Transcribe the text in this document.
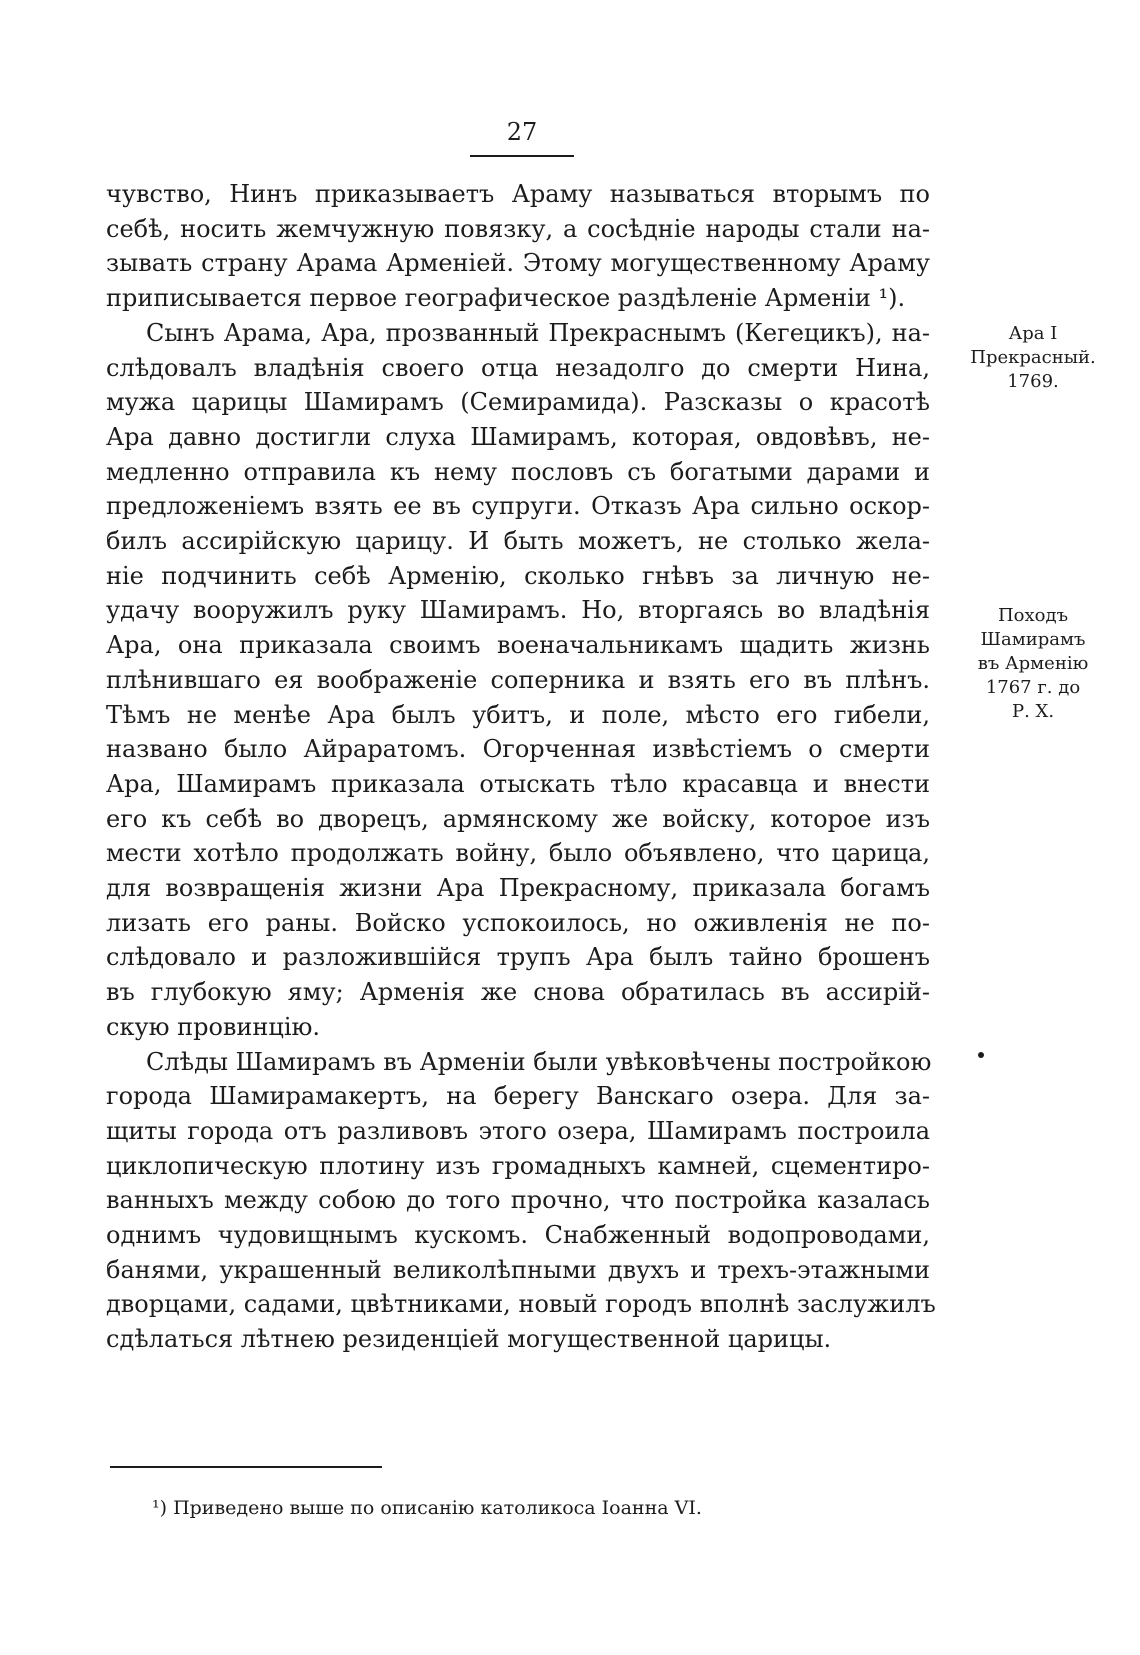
27
чувство, Нинъ приказываетъ Араму называться вторымъ по
себѣ, носить жемчужную повязку, а сосѣдніе народы стали на-
зывать страну Арама Арменіей. Этому могущественному Араму
приписывается первое географическое раздѣленіе Арменіи ¹).
Сынъ Арама, Ара, прозванный Прекраснымъ (Кегецикъ), на-
слѣдовалъ владѣнія своего отца незадолго до смерти Нина,
мужа царицы Шамирамъ (Семирамида). Разсказы о красотѣ
Ара давно достигли слуха Шамирамъ, которая, овдовѣвъ, не-
медленно отправила къ нему пословъ съ богатыми дарами и
предложеніемъ взять ее въ супруги. Отказъ Ара сильно оскор-
билъ ассирійскую царицу. И быть можетъ, не столько жела-
ніе подчинить себѣ Арменію, сколько гнѣвъ за личную не-
удачу вооружилъ руку Шамирамъ. Но, вторгаясь во владѣнія
Ара, она приказала своимъ военачальникамъ щадить жизнь
плѣнившаго ея воображеніе соперника и взять его въ плѣнъ.
Тѣмъ не менѣе Ара былъ убитъ, и поле, мѣсто его гибели,
названо было Айраратомъ. Огорченная извѣстіемъ о смерти
Ара, Шамирамъ приказала отыскать тѣло красавца и внести
его къ себѣ во дворецъ, армянскому же войску, которое изъ
мести хотѣло продолжать войну, было объявлено, что царица,
для возвращенія жизни Ара Прекрасному, приказала богамъ
лизать его раны. Войско успокоилось, но оживленія не по-
слѣдовало и разложившійся трупъ Ара былъ тайно брошенъ
въ глубокую яму; Арменія же снова обратилась въ ассирій-
скую провинцію.
Слѣды Шамирамъ въ Арменіи были увѣковѣчены постройкою
города Шамирамакертъ, на берегу Ванскаго озера. Для за-
щиты города отъ разливовъ этого озера, Шамирамъ построила
циклопическую плотину изъ громадныхъ камней, сцементиро-
ванныхъ между собою до того прочно, что постройка казалась
однимъ чудовищнымъ кускомъ. Снабженный водопроводами,
банями, украшенный великолѣпными двухъ и трехъ-этажными
дворцами, садами, цвѣтниками, новый городъ вполнѣ заслужилъ
сдѣлаться лѣтнею резиденціей могущественной царицы.
Ара I
Прекрасный.
1769.
Походъ
Шамирамъ
въ Арменію
1767 г. до
Р. Х.
¹) Приведено выше по описанію католикоса Іоанна VI.
